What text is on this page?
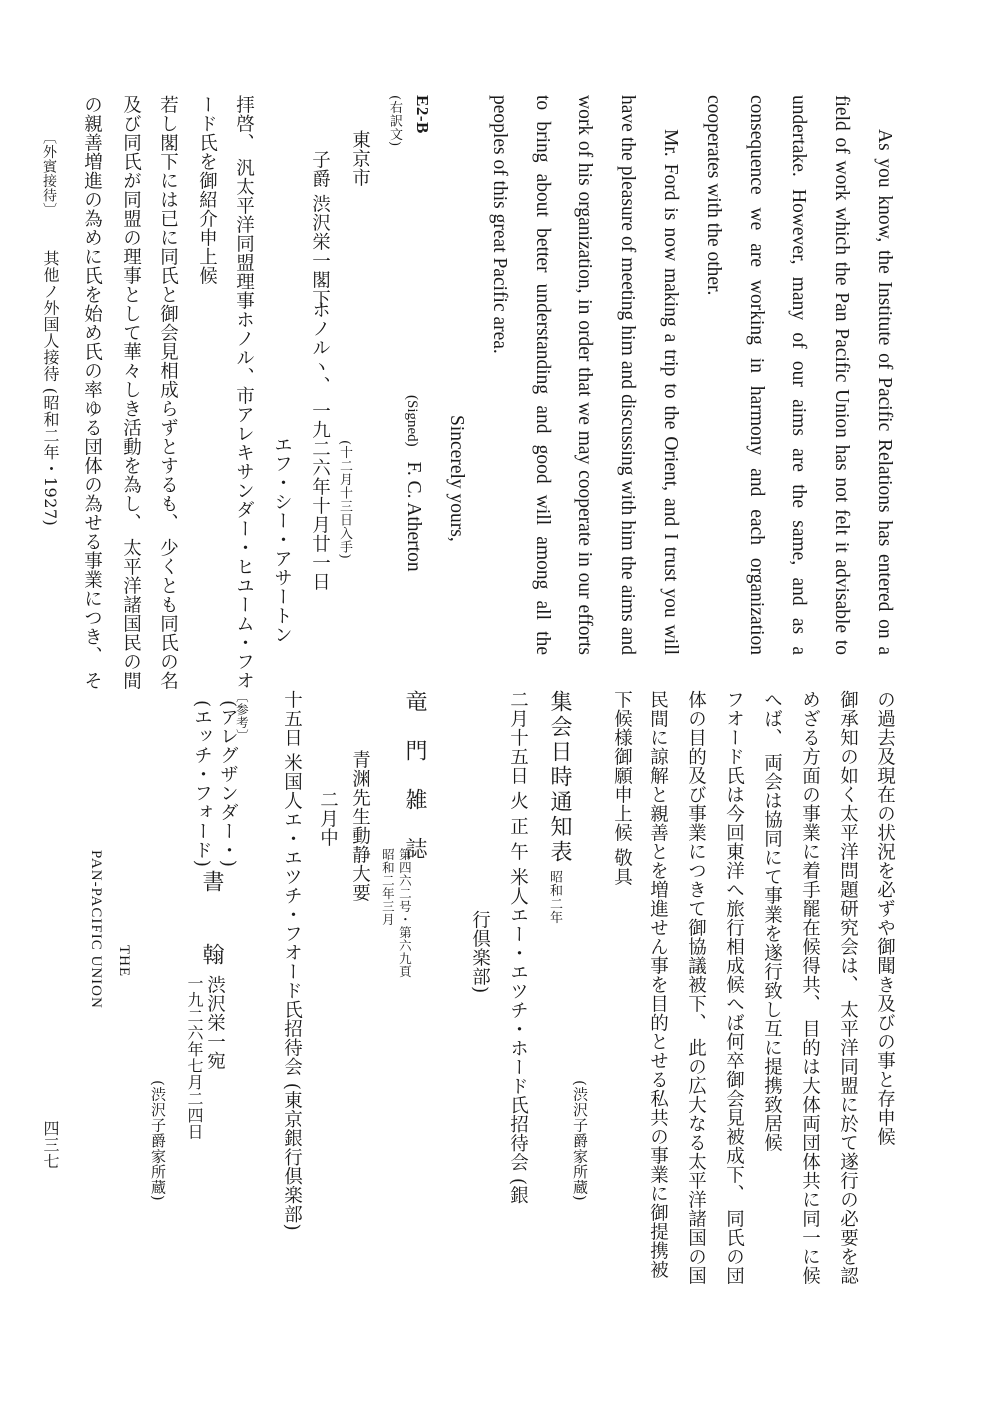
As you know, the Institute of Pacific Relations has entered on a field of work which the Pan Pacific Union has not felt it advisable to undertake. However, many of our aims are the same, and as a consequence we are working in harmony and each organization cooperates with the other.

Mr. Ford is now making a trip to the Orient, and I trust you will have the pleasure of meeting him and discussing with him the aims and work of his organization, in order that we may cooperate in our efforts to bring about better understanding and good will among all the peoples of this great Pacific area.

Sincerely yours,
(Signed) F. C. Atherton
E2-B
(右訳文)
(十二月十三日入手)
東京市
子爵 渋沢栄一閣下
ホノルヽ、 一九二六年十月廿一日
エフ・シー・アサートン
拝啓、 汎太平洋同盟理事ホノル、市アレキサンダー・ヒユーム・フオ
ード氏を御紹介申上候
若し閣下には已に同氏と御会見相成らずとするも、 少くとも同氏の名
及び同氏が同盟の理事として華々しき活動を為し、 太平洋諸国民の間
の親善増進の為めに氏を始め氏の率ゆる団体の為せる事業につき、 そ
〔外賓接待〕
其他ノ外国人接待 (昭和二年・1927)
の過去及現在の状況を必ずや御聞き及びの事と存申候
御承知の如く太平洋問題研究会は、 太平洋同盟に於て遂行の必要を認
めざる方面の事業に着手罷在候得共、 目的は大体両団体共に同一に候
へば、 両会は協同にて事業を遂行致し互に提携致居候
フオード氏は今回東洋へ旅行相成候へば何卒御会見被成下、 同氏の団
体の目的及び事業につきて御協議被下、 此の広大なる太平洋諸国の国
民間に諒解と親善とを増進せん事を目的とせる私共の事業に御提携被
下候様御願申上候 敬具
(渋沢子爵家所蔵)
集会日時通知表
昭和二年
二月十五日 火 正 午 米人エー・エツチ・ホード氏招待会 (銀
行倶楽部)
竜 門 雑 誌
第四六二号・第六九頁
昭和二年三月
青渊先生動静大要
二月中
十五日 米国人エ・エツチ・フオード氏招待会 (東京銀行倶楽部)
〔参考〕
(アレグザンダー・)
(エッチ・フォード)
書 翰
渋沢栄一宛
一九二六年七月二四日
(渋沢子爵家所蔵)
THE
PAN-PACIFIC UNION
四三七
